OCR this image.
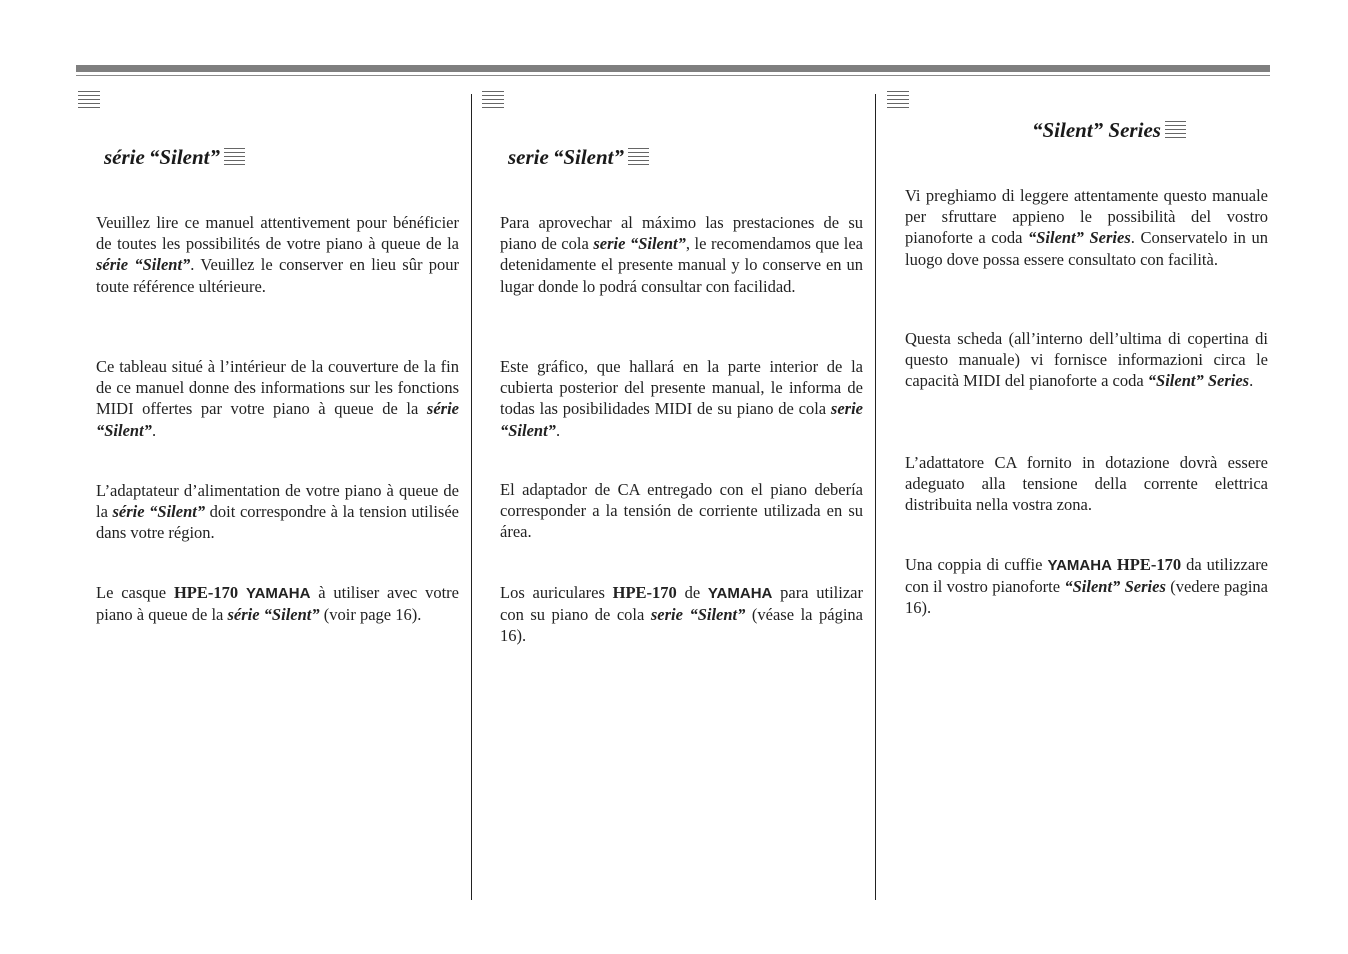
série “Silent”

Veuillez lire ce manuel attentivement pour bénéficier de toutes les possibilités de votre piano à queue de la série “Silent”. Veuillez le conserver en lieu sûr pour toute référence ultérieure.

Ce tableau situé à l’intérieur de la couverture de la fin de ce manuel donne des informations sur les fonctions MIDI offertes par votre piano à queue de la série “Silent”.

L’adaptateur d’alimentation de votre piano à queue de la série “Silent” doit correspondre à la tension utilisée dans votre région.

Le casque HPE-170 YAMAHA à utiliser avec votre piano à queue de la série “Silent” (voir page 16).

serie “Silent”

Para aprovechar al máximo las prestaciones de su piano de cola serie “Silent”, le recomendamos que lea detenidamente el presente manual y lo conserve en un lugar donde lo podrá consultar con facilidad.

Este gráfico, que hallará en la parte interior de la cubierta posterior del presente manual, le informa de todas las posibilidades MIDI de su piano de cola serie “Silent”.

El adaptador de CA entregado con el piano debería corresponder a la tensión de corriente utilizada en su área.

Los auriculares HPE-170 de YAMAHA para utilizar con su piano de cola serie “Silent” (véase la página 16).

“Silent” Series

Vi preghiamo di leggere attentamente questo manuale per sfruttare appieno le possibilità del vostro pianoforte a coda “Silent” Series. Conservatelo in un luogo dove possa essere consultato con facilità.

Questa scheda (all’interno dell’ultima di copertina di questo manuale) vi fornisce informazioni circa le capacità MIDI del pianoforte a coda “Silent” Series.

L’adattatore CA fornito in dotazione dovrà essere adeguato alla tensione della corrente elettrica distribuita nella vostra zona.

Una coppia di cuffie YAMAHA HPE-170 da utilizzare con il vostro pianoforte “Silent” Series (vedere pagina 16).
